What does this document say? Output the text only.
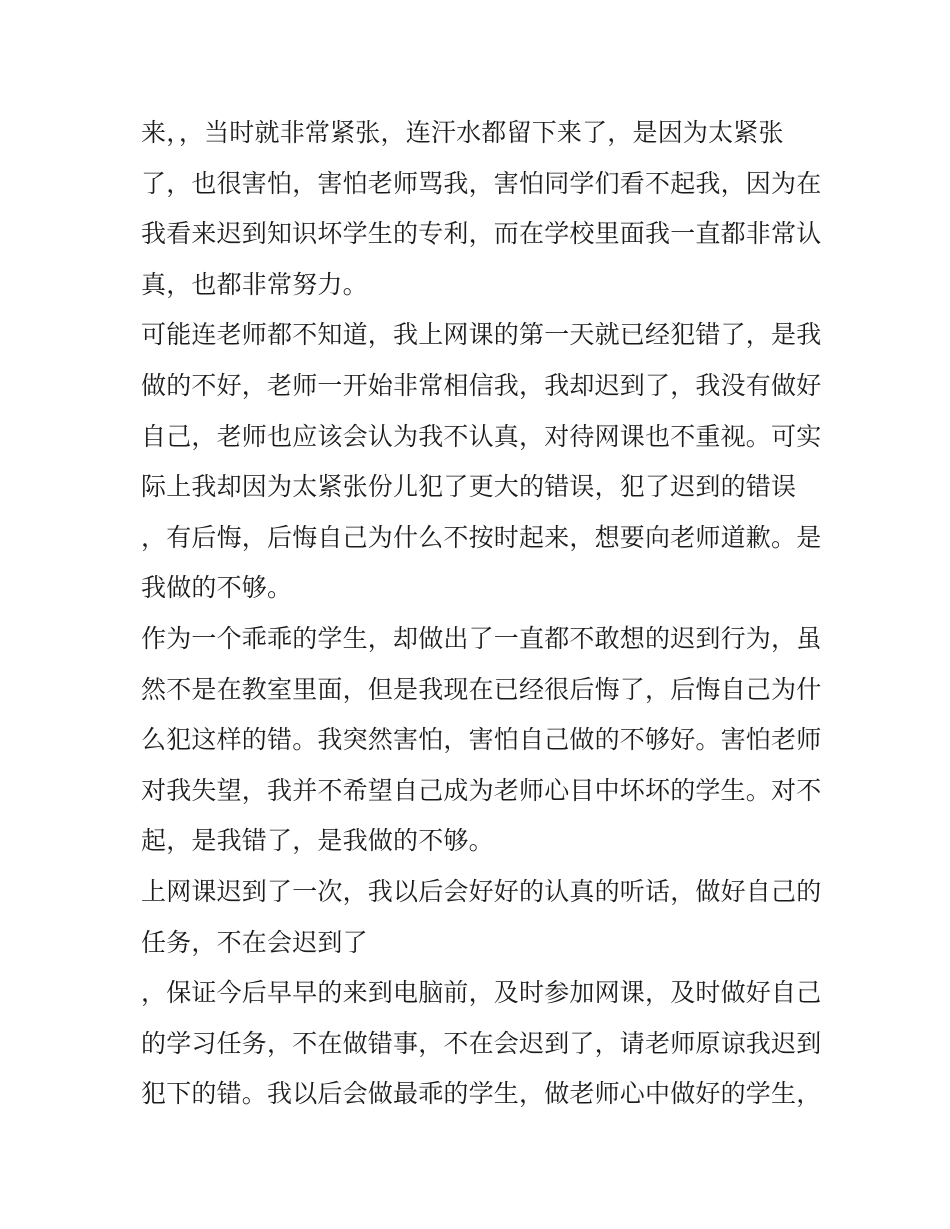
来，，当时就非常紧张，连汗水都留下来了，是因为太紧张
了，也很害怕，害怕老师骂我，害怕同学们看不起我，因为在
我看来迟到知识坏学生的专利，而在学校里面我一直都非常认
真，也都非常努力。
可能连老师都不知道，我上网课的第一天就已经犯错了，是我
做的不好，老师一开始非常相信我，我却迟到了，我没有做好
自己，老师也应该会认为我不认真，对待网课也不重视。可实
际上我却因为太紧张份儿犯了更大的错误，犯了迟到的错误
，有后悔，后悔自己为什么不按时起来，想要向老师道歉。是
我做的不够。
作为一个乖乖的学生，却做出了一直都不敢想的迟到行为，虽
然不是在教室里面，但是我现在已经很后悔了，后悔自己为什
么犯这样的错。我突然害怕，害怕自己做的不够好。害怕老师
对我失望，我并不希望自己成为老师心目中坏坏的学生。对不
起，是我错了，是我做的不够。
上网课迟到了一次，我以后会好好的认真的听话，做好自己的
任务，不在会迟到了
，保证今后早早的来到电脑前，及时参加网课，及时做好自己
的学习任务，不在做错事，不在会迟到了，请老师原谅我迟到
犯下的错。我以后会做最乖的学生，做老师心中做好的学生，
